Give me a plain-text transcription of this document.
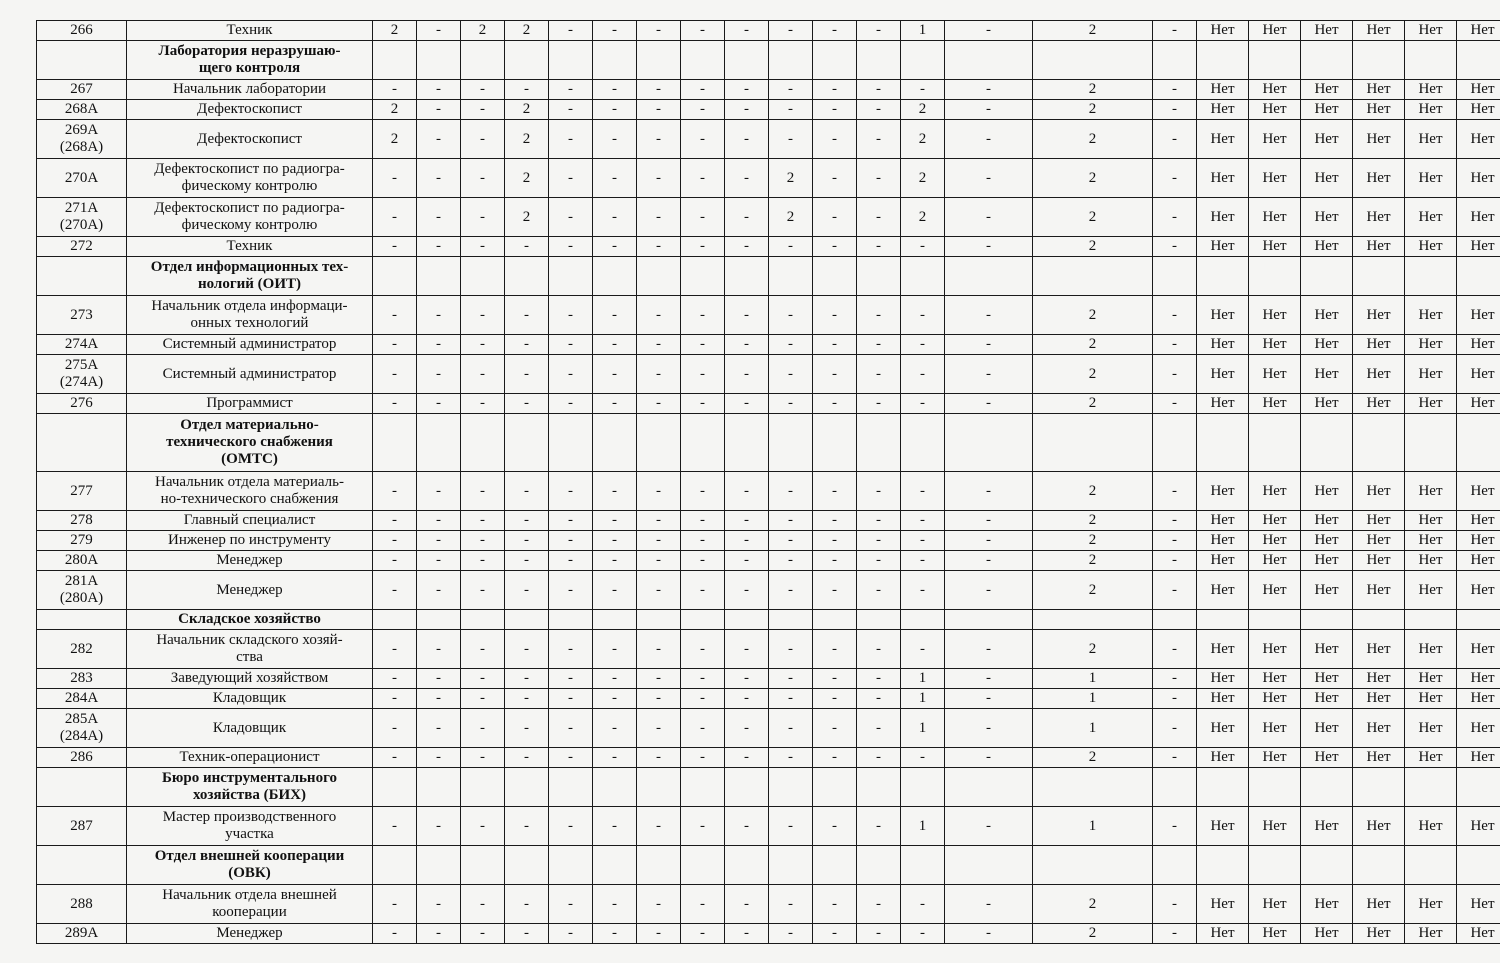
266	Техник	2	-	2	2	-	-	-	-	-	-	-	-	1	-	2	-	Нет	Нет	Нет	Нет	Нет	Нет
	Лаборатория неразрушаю-
щего контроля																						
267	Начальник лаборатории	-	-	-	-	-	-	-	-	-	-	-	-	-	-	2	-	Нет	Нет	Нет	Нет	Нет	Нет
268А	Дефектоскопист	2	-	-	2	-	-	-	-	-	-	-	-	2	-	2	-	Нет	Нет	Нет	Нет	Нет	Нет
269А
(268А)	Дефектоскопист	2	-	-	2	-	-	-	-	-	-	-	-	2	-	2	-	Нет	Нет	Нет	Нет	Нет	Нет
270А	Дефектоскопист по радиогра-
фическому контролю	-	-	-	2	-	-	-	-	-	2	-	-	2	-	2	-	Нет	Нет	Нет	Нет	Нет	Нет
271А
(270А)	Дефектоскопист по радиогра-
фическому контролю	-	-	-	2	-	-	-	-	-	2	-	-	2	-	2	-	Нет	Нет	Нет	Нет	Нет	Нет
272	Техник	-	-	-	-	-	-	-	-	-	-	-	-	-	-	2	-	Нет	Нет	Нет	Нет	Нет	Нет
	Отдел информационных тех-
нологий (ОИТ)																						
273	Начальник отдела информаци-
онных технологий	-	-	-	-	-	-	-	-	-	-	-	-	-	-	2	-	Нет	Нет	Нет	Нет	Нет	Нет
274А	Системный администратор	-	-	-	-	-	-	-	-	-	-	-	-	-	-	2	-	Нет	Нет	Нет	Нет	Нет	Нет
275А
(274А)	Системный администратор	-	-	-	-	-	-	-	-	-	-	-	-	-	-	2	-	Нет	Нет	Нет	Нет	Нет	Нет
276	Программист	-	-	-	-	-	-	-	-	-	-	-	-	-	-	2	-	Нет	Нет	Нет	Нет	Нет	Нет
	Отдел материально-
технического снабжения
(ОМТС)																						
277	Начальник отдела материаль-
но-технического снабжения	-	-	-	-	-	-	-	-	-	-	-	-	-	-	2	-	Нет	Нет	Нет	Нет	Нет	Нет
278	Главный специалист	-	-	-	-	-	-	-	-	-	-	-	-	-	-	2	-	Нет	Нет	Нет	Нет	Нет	Нет
279	Инженер по инструменту	-	-	-	-	-	-	-	-	-	-	-	-	-	-	2	-	Нет	Нет	Нет	Нет	Нет	Нет
280А	Менеджер	-	-	-	-	-	-	-	-	-	-	-	-	-	-	2	-	Нет	Нет	Нет	Нет	Нет	Нет
281А
(280А)	Менеджер	-	-	-	-	-	-	-	-	-	-	-	-	-	-	2	-	Нет	Нет	Нет	Нет	Нет	Нет
	Складское хозяйство																						
282	Начальник складского хозяй-
ства	-	-	-	-	-	-	-	-	-	-	-	-	-	-	2	-	Нет	Нет	Нет	Нет	Нет	Нет
283	Заведующий хозяйством	-	-	-	-	-	-	-	-	-	-	-	-	1	-	1	-	Нет	Нет	Нет	Нет	Нет	Нет
284А	Кладовщик	-	-	-	-	-	-	-	-	-	-	-	-	1	-	1	-	Нет	Нет	Нет	Нет	Нет	Нет
285А
(284А)	Кладовщик	-	-	-	-	-	-	-	-	-	-	-	-	1	-	1	-	Нет	Нет	Нет	Нет	Нет	Нет
286	Техник-операционист	-	-	-	-	-	-	-	-	-	-	-	-	-	-	2	-	Нет	Нет	Нет	Нет	Нет	Нет
	Бюро инструментального
хозяйства (БИХ)																						
287	Мастер производственного
участка	-	-	-	-	-	-	-	-	-	-	-	-	1	-	1	-	Нет	Нет	Нет	Нет	Нет	Нет
	Отдел внешней кооперации
(ОВК)																						
288	Начальник отдела внешней
кооперации	-	-	-	-	-	-	-	-	-	-	-	-	-	-	2	-	Нет	Нет	Нет	Нет	Нет	Нет
289А	Менеджер	-	-	-	-	-	-	-	-	-	-	-	-	-	-	2	-	Нет	Нет	Нет	Нет	Нет	Нет
